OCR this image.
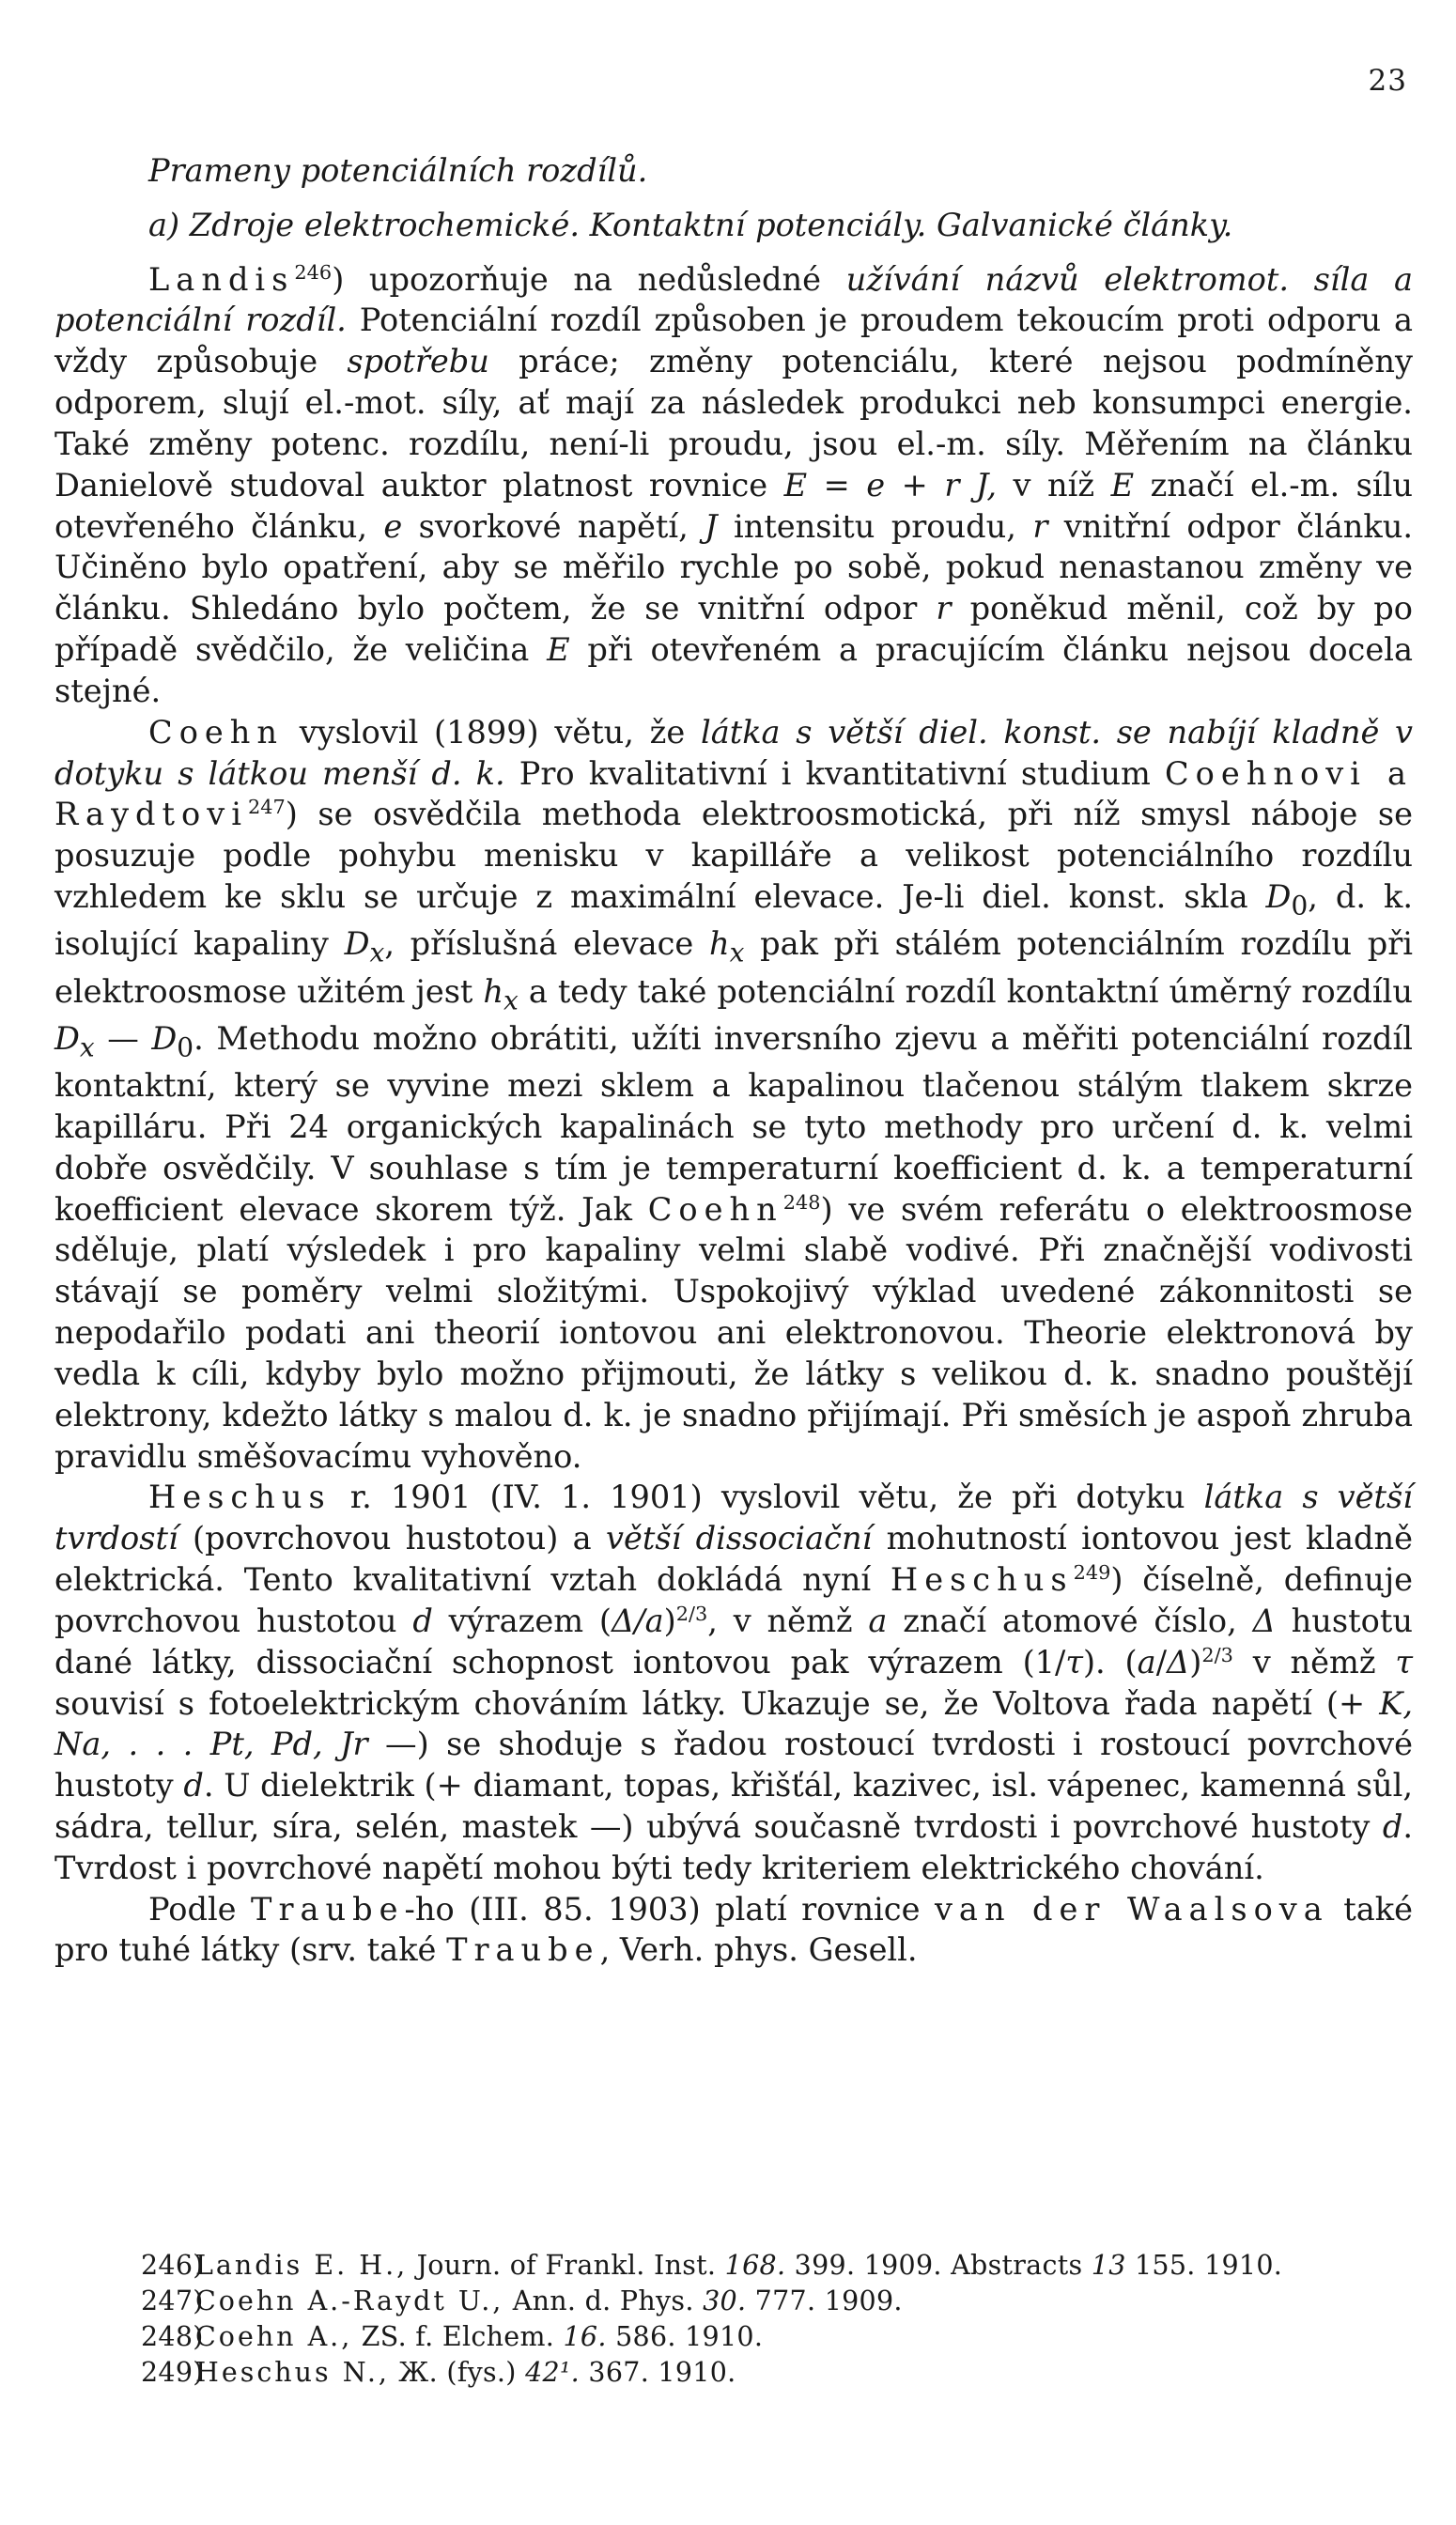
23

Prameny potenciálních rozdílů.

a) Zdroje elektrochemické. Kontaktní potenciály. Galvanické články.

Landis$^{246}$) upozorňuje na nedůsledné užívání názvů elektromot. síla a potenciální rozdíl. Potenciální rozdíl způsoben je proudem tekoucím proti odporu a vždy způsobuje spotřebu práce; změny potenciálu, které nejsou podmíněny odporem, slují el.-mot. síly, ať mají za následek produkci neb konsumpci energie. Také změny potenc. rozdílu, není-li proudu, jsou el.-m. síly. Měřením na článku Danielově studoval auktor platnost rovnice E = e + r J, v níž E značí el.-m. sílu otevřeného článku, e svorkové napětí, J intensitu proudu, r vnitřní odpor článku. Učiněno bylo opatření, aby se měřilo rychle po sobě, pokud nenastanou změny ve článku. Shledáno bylo počtem, že se vnitřní odpor r poněkud měnil, což by po případě svědčilo, že veličina E při otevřeném a pracujícím článku nejsou docela stejné.

Coehn vyslovil (1899) větu, že látka s větší diel. konst. se nabíjí kladně v dotyku s látkou menší d. k. Pro kvalitativní i kvantitativní studium Coehnovi a Raydtovi$^{247}$) se osvědčila methoda elektroosmotická, při níž smysl náboje se posuzuje podle pohybu menisku v kapilláře a velikost potenciálního rozdílu vzhledem ke sklu se určuje z maximální elevace. Je-li diel. konst. skla $D_0$, d. k. isolující kapaliny $D_x$, příslušná elevace $h_x$ pak při stálém potenciálním rozdílu při elektroosmose užitém jest $h_x$ a tedy také potenciální rozdíl kontaktní úměrný rozdílu $D_x$ — $D_0$. Methodu možno obrátiti, užíti inversního zjevu a měřiti potenciální rozdíl kontaktní, který se vyvine mezi sklem a kapalinou tlačenou stálým tlakem skrze kapilláru. Při 24 organických kapalinách se tyto methody pro určení d. k. velmi dobře osvědčily. V souhlase s tím je temperaturní koefficient d. k. a temperaturní koefficient elevace skorem týž. Jak Coehn$^{248}$) ve svém referátu o elektroosmose sděluje, platí výsledek i pro kapaliny velmi slabě vodivé. Při značnější vodivosti stávají se poměry velmi složitými. Uspokojivý výklad uvedené zákonnitosti se nepodařilo podati ani theorií iontovou ani elektronovou. Theorie elektronová by vedla k cíli, kdyby bylo možno přijmouti, že látky s velikou d. k. snadno pouštějí elektrony, kdežto látky s malou d. k. je snadno přijímají. Při směsích je aspoň zhruba pravidlu směšovacímu vyhověno.

Heschus r. 1901 (IV. 1. 1901) vyslovil větu, že při dotyku látka s větší tvrdostí (povrchovou hustotou) a větší dissociační mohutností iontovou jest kladně elektrická. Tento kvalitativní vztah dokládá nyní Heschus$^{249}$) číselně, definuje povrchovou hustotou d výrazem $(\Delta/a)^{2/3}$, v němž a značí atomové číslo, Δ hustotu dané látky, dissociační schopnost iontovou pak výrazem (1/τ). $(a/\Delta)^{2/3}$ v němž τ souvisí s fotoelektrickým chováním látky. Ukazuje se, že Voltova řada napětí (+ K, Na, . . . Pt, Pd, Jr —) se shoduje s řadou rostoucí tvrdosti i rostoucí povrchové hustoty d. U dielektrik (+ diamant, topas, křišťál, kazivec, isl. vápenec, kamenná sůl, sádra, tellur, síra, selén, mastek —) ubývá současně tvrdosti i povrchové hustoty d. Tvrdost i povrchové napětí mohou býti tedy kriteriem elektrického chování.

Podle Traube-ho (III. 85. 1903) platí rovnice van der Waalsova také pro tuhé látky (srv. také Traube, Verh. phys. Gesell.

246)Landis E. H., Journ. of Frankl. Inst. 168. 399. 1909. Abstracts 13 155. 1910.

247)Coehn A.-Raydt U., Ann. d. Phys. 30. 777. 1909.

248)Coehn A., ZS. f. Elchem. 16. 586. 1910.

249)Heschus N., Ж. (fys.) 42¹. 367. 1910.
